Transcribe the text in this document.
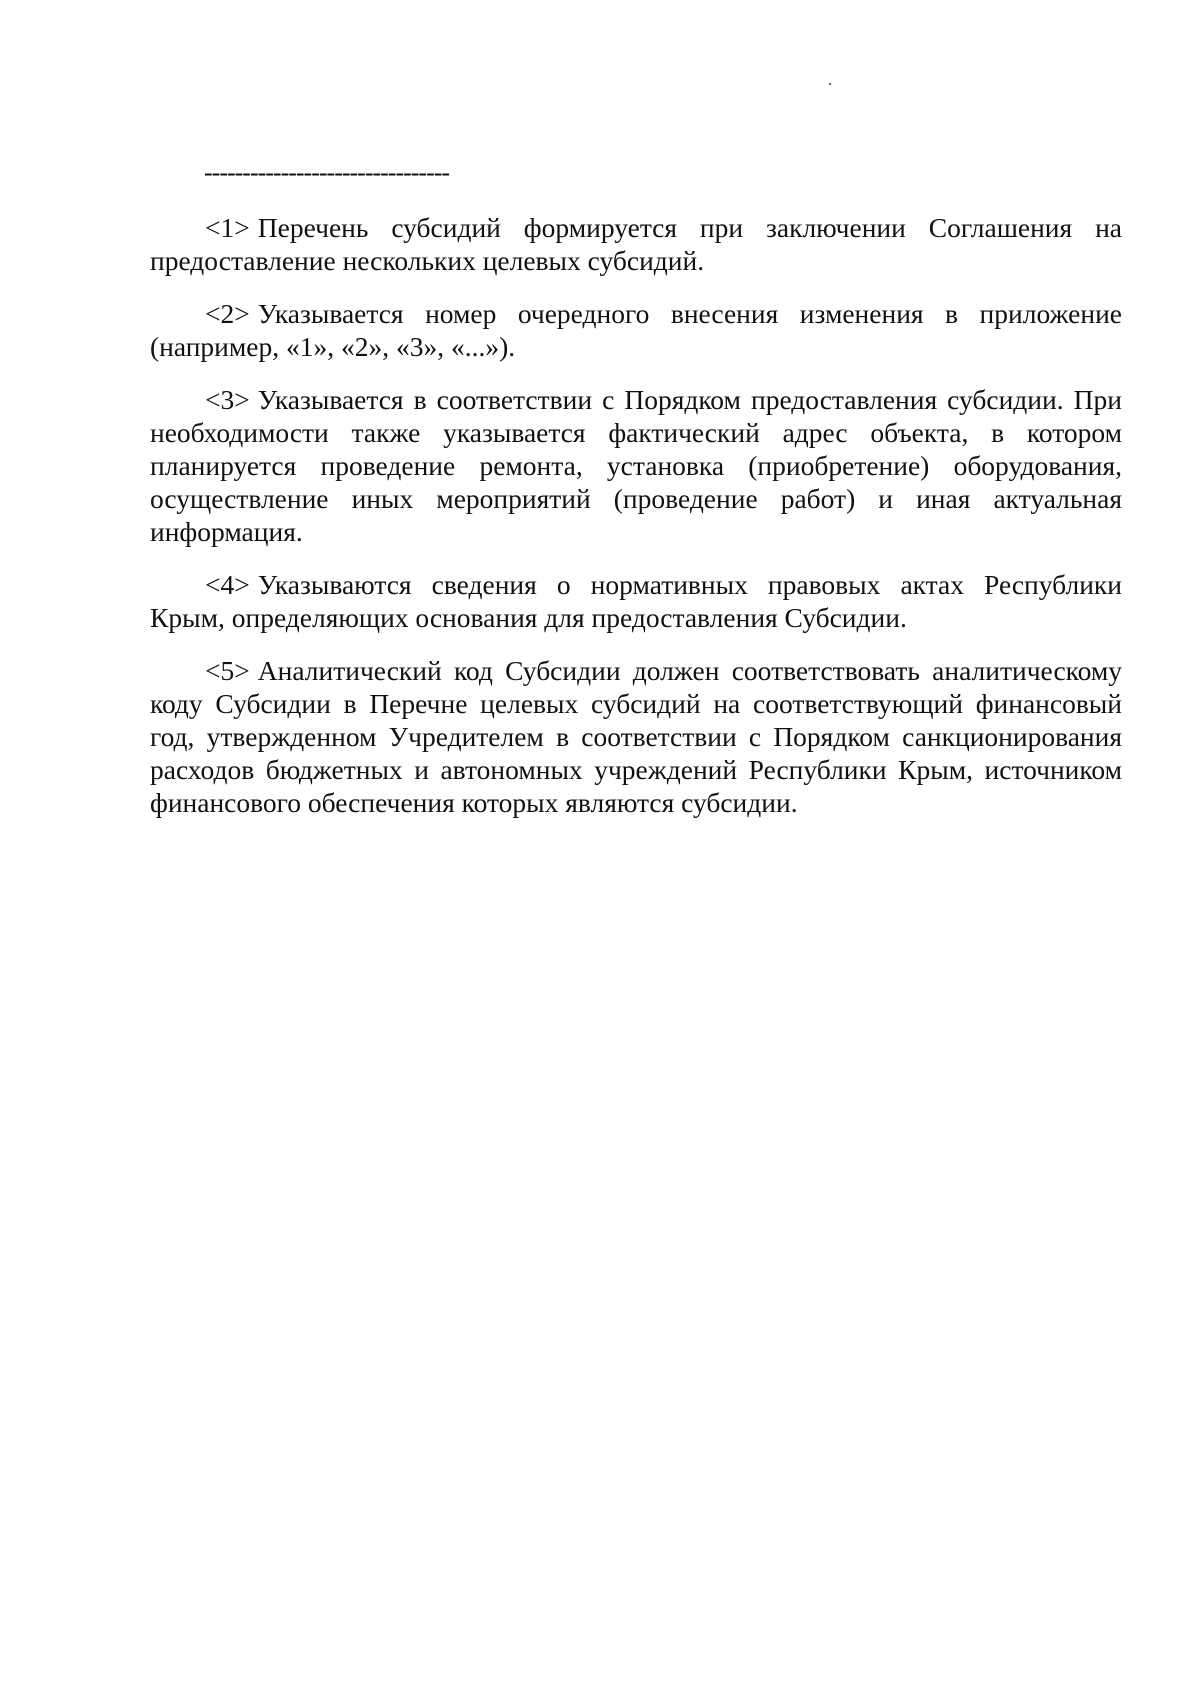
--------------------------------

<1> Перечень субсидий формируется при заключении Соглашения на предоставление нескольких целевых субсидий.

<2> Указывается номер очередного внесения изменения в приложение (например, «1», «2», «3», «...»).

<3> Указывается в соответствии с Порядком предоставления субсидии. При необходимости также указывается фактический адрес объекта, в котором планируется проведение ремонта, установка (приобретение) оборудования, осуществление иных мероприятий (проведение работ) и иная актуальная информация.

<4> Указываются сведения о нормативных правовых актах Республики Крым, определяющих основания для предоставления Субсидии.

<5> Аналитический код Субсидии должен соответствовать аналитическому коду Субсидии в Перечне целевых субсидий на соответствующий финансовый год, утвержденном Учредителем в соответствии с Порядком санкционирования расходов бюджетных и автономных учреждений Республики Крым, источником финансового обеспечения которых являются субсидии.
